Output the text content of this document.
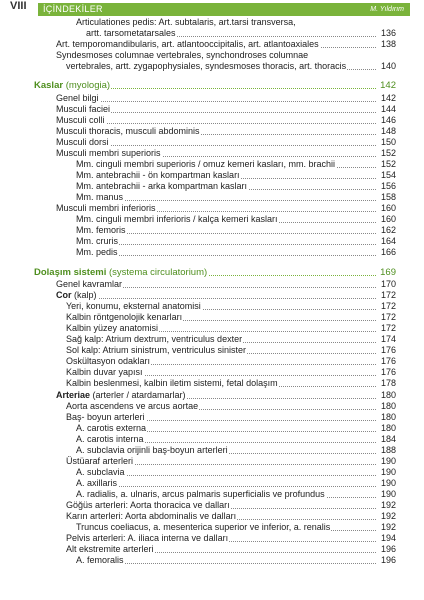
VIII İÇİNDEKİLER	M. Yıldırım
Articulationes pedis: Art. subtalaris, art.tarsi transversa,
artt. tarsometatarsales	136
Art. temporomandibularis, art. atlantooccipitalis, art. atlantoaxiales	138
Syndesmoses columnae vertebrales, synchondroses columnae
vertebrales, artt. zygapophysiales, syndesmoses thoracis, art. thoracis	140
Kaslar (myologia)	142
Genel bilgi	142
Musculi faciei	144
Musculi colli	146
Musculi thoracis, musculi abdominis	148
Musculi dorsi	150
Musculi membri superioris	152
Mm. cinguli membri superioris / omuz kemeri kasları, mm. brachii	152
Mm. antebrachii - ön kompartman kasları	154
Mm. antebrachii - arka kompartman kasları	156
Mm. manus	158
Musculi membri inferioris	160
Mm. cinguli membri inferioris / kalça kemeri kasları	160
Mm. femoris	162
Mm. cruris	164
Mm. pedis	166
Dolaşım sistemi (systema circulatorium)	169
Genel kavramlar	170
Cor (kalp)	172
Yeri, konumu, eksternal anatomisi	172
Kalbin röntgenolojik kenarları	172
Kalbin yüzey anatomisi	172
Sağ kalp: Atrium dextrum, ventriculus dexter	174
Sol kalp: Atrium sinistrum, ventriculus sinister	176
Oskültasyon odakları	176
Kalbin duvar yapısı	176
Kalbin beslenmesi, kalbin iletim sistemi, fetal dolaşım	178
Arteriae (arterler / atardamarlar)	180
Aorta ascendens ve arcus aortae	180
Baş- boyun arterleri	180
A. carotis externa	180
A. carotis interna	184
A. subclavia orijinli baş-boyun arterleri	188
Üstüaraf arterleri	190
A. subclavia	190
A. axillaris	190
A. radialis, a. ulnaris, arcus palmaris superficialis ve profundus	190
Göğüs arterleri: Aorta thoracica ve dalları	192
Karın arterleri: Aorta abdominalis ve dalları	192
Truncus coeliacus, a. mesenterica superior ve inferior, a. renalis	192
Pelvis arterleri: A. iliaca interna ve dalları	194
Alt ekstremite arterleri	196
A. femoralis	196
